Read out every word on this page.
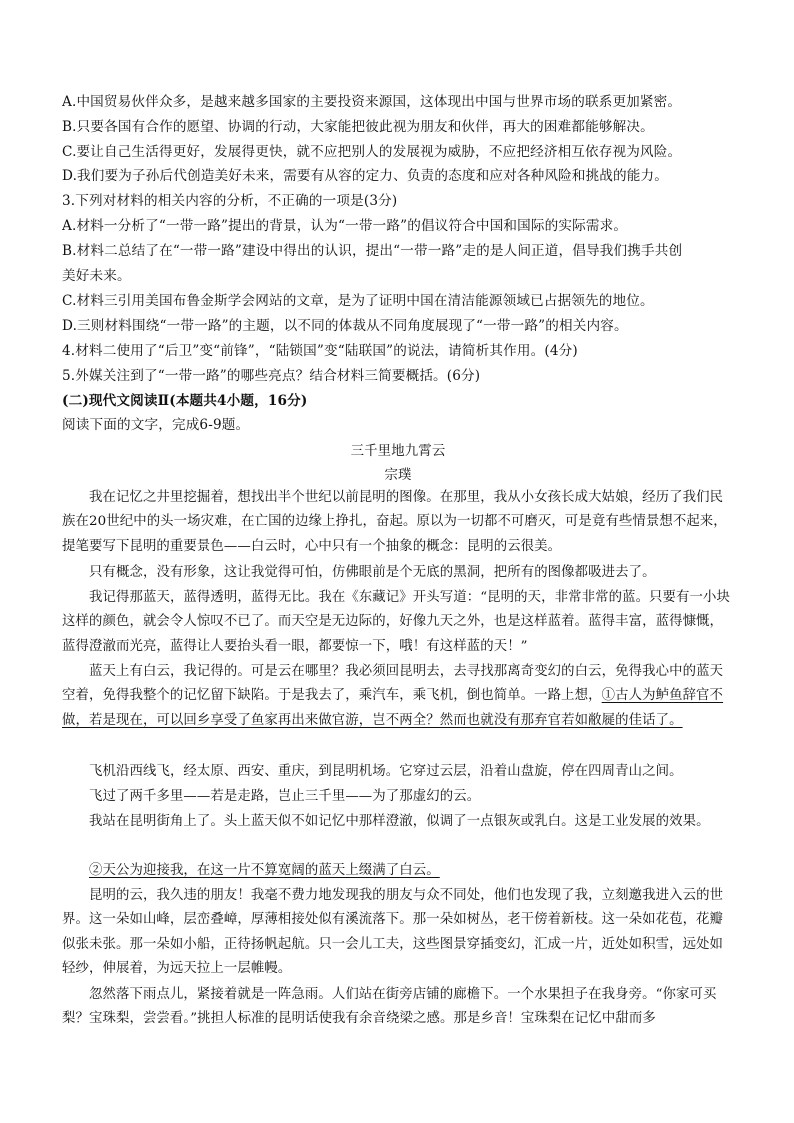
A.中国贸易伙伴众多，是越来越多国家的主要投资来源国，这体现出中国与世界市场的联系更加紧密。
B.只要各国有合作的愿望、协调的行动，大家能把彼此视为朋友和伙伴，再大的困难都能够解决。
C.要让自己生活得更好，发展得更快，就不应把别人的发展视为威胁，不应把经济相互依存视为风险。
D.我们要为子孙后代创造美好未来，需要有从容的定力、负责的态度和应对各种风险和挑战的能力。
3.下列对材料的相关内容的分析，不正确的一项是(3分)
A.材料一分析了“一带一路”提出的背景，认为“一带一路”的倡议符合中国和国际的实际需求。
B.材料二总结了在“一带一路”建设中得出的认识，提出“一带一路”走的是人间正道，倡导我们携手共创
美好未来。
C.材料三引用美国布鲁金斯学会网站的文章，是为了证明中国在清洁能源领域已占据领先的地位。
D.三则材料围绕“一带一路”的主题，以不同的体裁从不同角度展现了“一带一路”的相关内容。
4.材料二使用了“后卫”变“前锋”，“陆锁国”变“陆联国”的说法，请简析其作用。(4分)
5.外媒关注到了“一带一路”的哪些亮点？结合材料三简要概括。(6分)
(二)现代文阅读Ⅱ(本题共4小题，16分)
阅读下面的文字，完成6-9题。
三千里地九霄云
宗璞
我在记忆之井里挖掘着，想找出半个世纪以前昆明的图像。在那里，我从小女孩长成大姑娘，经历了我们民族在20世纪中的头一场灾难，在亡国的边缘上挣扎，奋起。原以为一切都不可磨灭，可是竟有些情景想不起来，提笔要写下昆明的重要景色——白云时，心中只有一个抽象的概念：昆明的云很美。
只有概念，没有形象，这让我觉得可怕，仿佛眼前是个无底的黑洞，把所有的图像都吸进去了。
我记得那蓝天，蓝得透明，蓝得无比。我在《东藏记》开头写道：“昆明的天，非常非常的蓝。只要有一小块这样的颜色，就会令人惊叹不已了。而天空是无边际的，好像九天之外，也是这样蓝着。蓝得丰富，蓝得慷慨，蓝得澄澈而光亮，蓝得让人要抬头看一眼，都要惊一下，哦！有这样蓝的天！”
蓝天上有白云，我记得的。可是云在哪里？我必须回昆明去，去寻找那离奇变幻的白云，免得我心中的蓝天空着，免得我整个的记忆留下缺陷。于是我去了，乘汽车，乘飞机，倒也简单。一路上想，①古人为鲈鱼辞官不做，若是现在，可以回乡享受了鱼家再出来做官游，岂不两全？然而也就没有那弃官若如敝屣的佳话了。
飞机沿西线飞，经太原、西安、重庆，到昆明机场。它穿过云层，沿着山盘旋，停在四周青山之间。
飞过了两千多里——若是走路，岂止三千里——为了那虚幻的云。
我站在昆明街角上了。头上蓝天似不如记忆中那样澄澈，似调了一点银灰或乳白。这是工业发展的效果。
②天公为迎接我，在这一片不算宽阔的蓝天上缀满了白云。
昆明的云，我久违的朋友！我毫不费力地发现我的朋友与众不同处，他们也发现了我，立刻邀我进入云的世界。这一朵如山峰，层峦叠嶂，厚薄相接处似有溪流落下。那一朵如树丛，老干傍着新枝。这一朵如花苞，花瓣似张未张。那一朵如小船，正待扬帆起航。只一会儿工夫，这些图景穿插变幻，汇成一片，近处如积雪，远处如轻纱，伸展着，为远天拉上一层帷幔。
忽然落下雨点儿，紧接着就是一阵急雨。人们站在街旁店铺的廊檐下。一个水果担子在我身旁。“你家可买梨？宝珠梨，尝尝看。”挑担人标准的昆明话使我有余音绕梁之感。那是乡音！宝珠梨在记忆中甜而多
